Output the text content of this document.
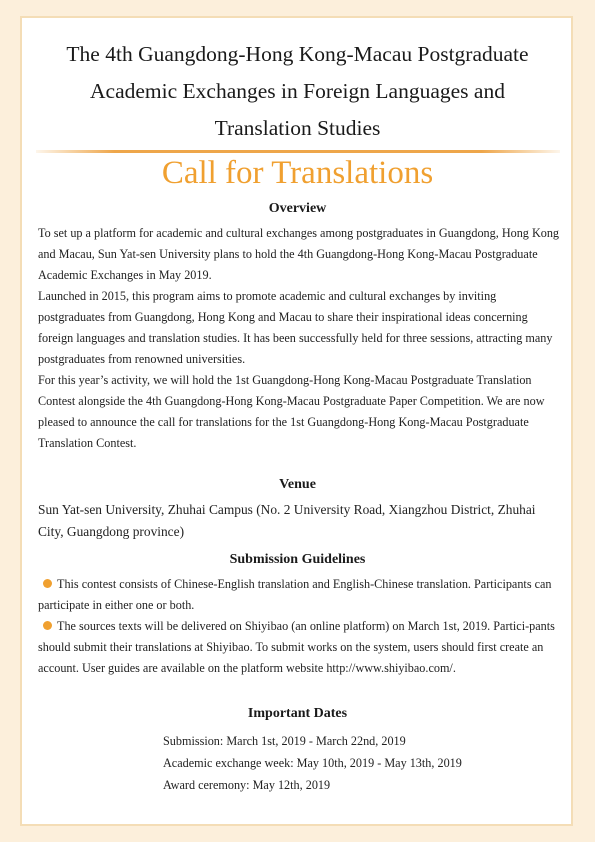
The 4th Guangdong-Hong Kong-Macau Postgraduate
Academic Exchanges in Foreign Languages and
Translation Studies
Call for Translations
Overview

To set up a platform for academic and cultural exchanges among postgraduates in Guangdong, Hong Kong and Macau, Sun Yat-sen University plans to hold the 4th Guangdong-Hong Kong-Macau Postgraduate Academic Exchanges in May 2019.

Launched in 2015, this program aims to promote academic and cultural exchanges by inviting postgraduates from Guangdong, Hong Kong and Macau to share their inspirational ideas concerning foreign languages and translation studies. It has been successfully held for three sessions, attracting many postgraduates from renowned universities.

For this year’s activity, we will hold the 1st Guangdong-Hong Kong-Macau Postgraduate Translation Contest alongside the 4th Guangdong-Hong Kong-Macau Postgraduate Paper Competition. We are now pleased to announce the call for translations for the 1st Guangdong-Hong Kong-Macau Postgraduate Translation Contest.

Venue
Sun Yat-sen University, Zhuhai Campus (No. 2 University Road, Xiangzhou District, Zhuhai City, Guangdong province)
Submission Guidelines

This contest consists of Chinese-English translation and English-Chinese translation. Participants can participate in either one or both.

The sources texts will be delivered on Shiyibao (an online platform) on March 1st, 2019. Partici-pants should submit their translations at Shiyibao. To submit works on the system, users should first create an account. User guides are available on the platform website http://www.shiyibao.com/.

Important Dates
Submission: March 1st, 2019 - March 22nd, 2019
Academic exchange week: May 10th, 2019 - May 13th, 2019
Award ceremony: May 12th, 2019
